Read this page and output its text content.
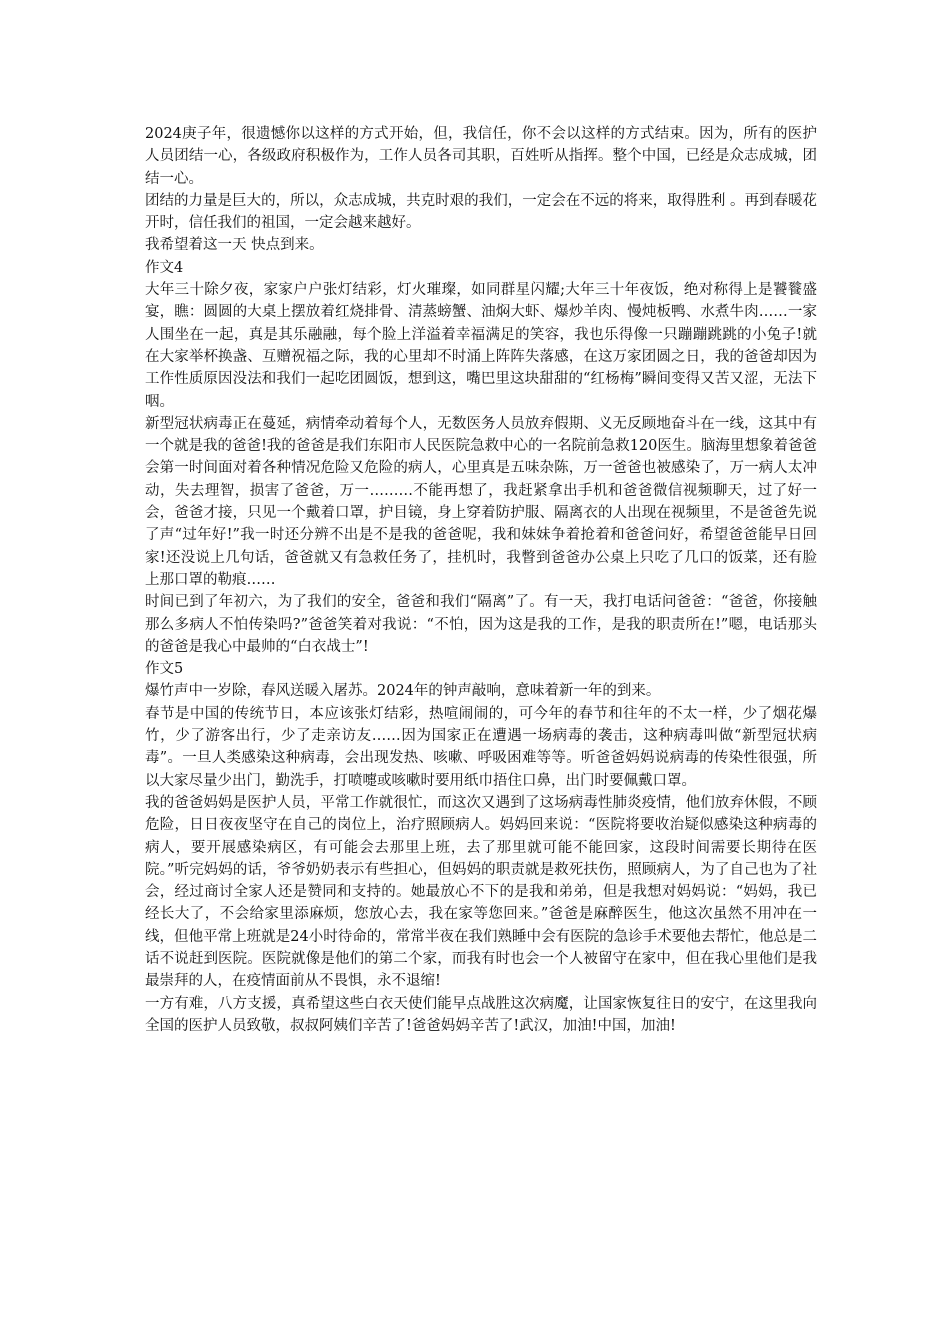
2024庚子年，很遗憾你以这样的方式开始，但，我信任，你不会以这样的方式结束。因为，所有的医护人员团结一心，各级政府积极作为，工作人员各司其职，百姓听从指挥。整个中国，已经是众志成城，团结一心。

团结的力量是巨大的，所以，众志成城，共克时艰的我们，一定会在不远的将来，取得胜利 。再到春暖花开时，信任我们的祖国，一定会越来越好。

我希望着这一天 快点到来。

作文4

大年三十除夕夜，家家户户张灯结彩，灯火璀璨，如同群星闪耀;大年三十年夜饭，绝对称得上是饕餮盛宴，瞧：圆圆的大桌上摆放着红烧排骨、清蒸螃蟹、油焖大虾、爆炒羊肉、慢炖板鸭、水煮牛肉……一家人围坐在一起，真是其乐融融，每个脸上洋溢着幸福满足的笑容，我也乐得像一只蹦蹦跳跳的小兔子!就在大家举杯换盏、互赠祝福之际，我的心里却不时涌上阵阵失落感，在这万家团圆之日，我的爸爸却因为工作性质原因没法和我们一起吃团圆饭，想到这，嘴巴里这块甜甜的“红杨梅”瞬间变得又苦又涩，无法下咽。

新型冠状病毒正在蔓延，病情牵动着每个人，无数医务人员放弃假期、义无反顾地奋斗在一线，这其中有一个就是我的爸爸!我的爸爸是我们东阳市人民医院急救中心的一名院前急救120医生。脑海里想象着爸爸会第一时间面对着各种情况危险又危险的病人，心里真是五味杂陈，万一爸爸也被感染了，万一病人太冲动，失去理智，损害了爸爸，万一………不能再想了，我赶紧拿出手机和爸爸微信视频聊天，过了好一会，爸爸才接，只见一个戴着口罩，护目镜，身上穿着防护服、隔离衣的人出现在视频里，不是爸爸先说了声“过年好!”我一时还分辨不出是不是我的爸爸呢，我和妹妹争着抢着和爸爸问好，希望爸爸能早日回家!还没说上几句话，爸爸就又有急救任务了，挂机时，我瞥到爸爸办公桌上只吃了几口的饭菜，还有脸上那口罩的勒痕……

时间已到了年初六，为了我们的安全，爸爸和我们“隔离”了。有一天，我打电话问爸爸：“爸爸，你接触那么多病人不怕传染吗?”爸爸笑着对我说：“不怕，因为这是我的工作，是我的职责所在!”嗯，电话那头的爸爸是我心中最帅的“白衣战士”!

作文5

爆竹声中一岁除，春风送暖入屠苏。2024年的钟声敲响，意味着新一年的到来。

春节是中国的传统节日，本应该张灯结彩，热喧闹闹的，可今年的春节和往年的不太一样，少了烟花爆竹，少了游客出行，少了走亲访友……因为国家正在遭遇一场病毒的袭击，这种病毒叫做“新型冠状病毒”。一旦人类感染这种病毒，会出现发热、咳嗽、呼吸困难等等。听爸爸妈妈说病毒的传染性很强，所以大家尽量少出门，勤洗手，打喷嚏或咳嗽时要用纸巾捂住口鼻，出门时要佩戴口罩。

我的爸爸妈妈是医护人员，平常工作就很忙，而这次又遇到了这场病毒性肺炎疫情，他们放弃休假，不顾危险，日日夜夜坚守在自己的岗位上，治疗照顾病人。妈妈回来说：“医院将要收治疑似感染这种病毒的病人，要开展感染病区，有可能会去那里上班，去了那里就可能不能回家，这段时间需要长期待在医院。”听完妈妈的话，爷爷奶奶表示有些担心，但妈妈的职责就是救死扶伤，照顾病人，为了自己也为了社会，经过商讨全家人还是赞同和支持的。她最放心不下的是我和弟弟，但是我想对妈妈说：“妈妈，我已经长大了，不会给家里添麻烦，您放心去，我在家等您回来。”爸爸是麻醉医生，他这次虽然不用冲在一线，但他平常上班就是24小时待命的，常常半夜在我们熟睡中会有医院的急诊手术要他去帮忙，他总是二话不说赶到医院。医院就像是他们的第二个家，而我有时也会一个人被留守在家中，但在我心里他们是我最崇拜的人，在疫情面前从不畏惧，永不退缩!

一方有难，八方支援，真希望这些白衣天使们能早点战胜这次病魔，让国家恢复往日的安宁，在这里我向全国的医护人员致敬，叔叔阿姨们辛苦了!爸爸妈妈辛苦了!武汉，加油!中国，加油!
